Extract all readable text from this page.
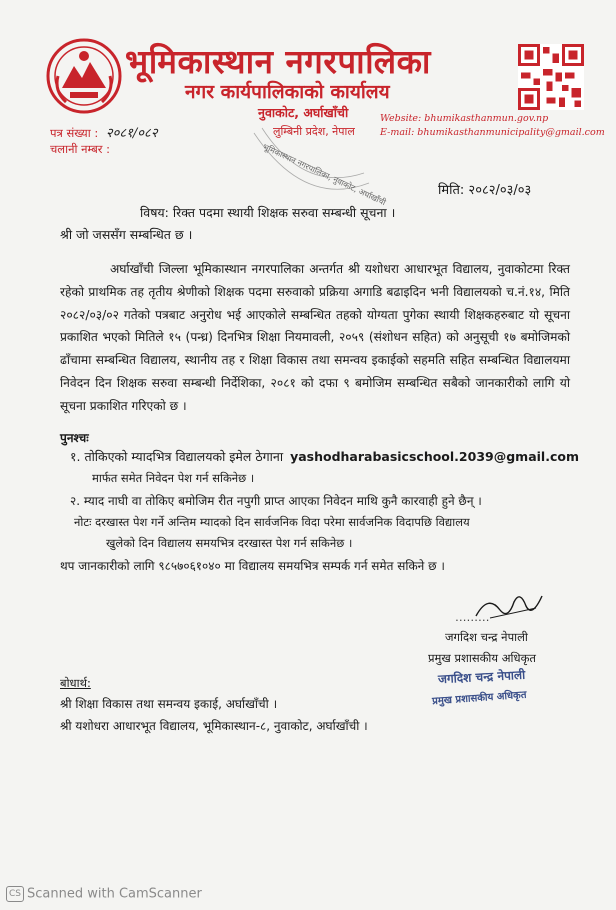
भूमिकास्थान नगरपालिका
नगर कार्यपालिकाको कार्यालय
नुवाकोट, अर्घाखाँची
लुम्बिनी प्रदेश, नेपाल
Website: bhumikasthanmun.gov.np
E-mail: bhumikasthanmunicipality@gmail.com
भूमिकास्थान नगरपालिका, नुवाकोट, अर्घाखाँची
पत्र संख्या : २०८१/०८२
चलानी नम्बर :
मिति: २०८२/०३/०३
विषय: रिक्त पदमा स्थायी शिक्षक सरुवा सम्बन्धी सूचना ।
श्री जो जससँग सम्बन्धित छ ।
अर्घाखाँची जिल्ला भूमिकास्थान नगरपालिका अन्तर्गत श्री यशोधरा आधारभूत विद्यालय, नुवाकोटमा रिक्त रहेको प्राथमिक तह तृतीय श्रेणीको शिक्षक पदमा सरुवाको प्रक्रिया अगाडि बढाइदिन भनी विद्यालयको च.नं.१४, मिति २०८२/०३/०२ गतेको पत्रबाट अनुरोध भई आएकोले सम्बन्धित तहको योग्यता पुगेका स्थायी शिक्षकहरुबाट यो सूचना प्रकाशित भएको मितिले १५ (पन्ध्र) दिनभित्र शिक्षा नियमावली, २०५९ (संशोधन सहित) को अनुसूची १७ बमोजिमको ढाँचामा सम्बन्धित विद्यालय, स्थानीय तह र शिक्षा विकास तथा समन्वय इकाईको सहमति सहित सम्बन्धित विद्यालयमा निवेदन दिन शिक्षक सरुवा सम्बन्धी निर्देशिका, २०८१ को दफा ९ बमोजिम सम्बन्धित सबैको जानकारीको लागि यो सूचना प्रकाशित गरिएको छ ।
पुनश्चः
१. तोकिएको म्यादभित्र विद्यालयको इमेल ठेगाना yashodharabasicschool.2039@gmail.com
मार्फत समेत निवेदन पेश गर्न सकिनेछ ।
२. म्याद नाघी वा तोकिए बमोजिम रीत नपुगी प्राप्त आएका निवेदन माथि कुनै कारवाही हुने छैन् ।
नोटः दरखास्त पेश गर्ने अन्तिम म्यादको दिन सार्वजनिक विदा परेमा सार्वजनिक विदापछि विद्यालय
खुलेको दिन विद्यालय समयभित्र दरखास्त पेश गर्न सकिनेछ ।
थप जानकारीको लागि ९८५७०६१०४० मा विद्यालय समयभित्र सम्पर्क गर्न समेत सकिने छ ।
………
जगदिश चन्द्र नेपाली
प्रमुख प्रशासकीय अधिकृत
जगदिश चन्द्र नेपाली
प्रमुख प्रशासकीय अधिकृत
बोधार्थ:
श्री शिक्षा विकास तथा समन्वय इकाई, अर्घाखाँची ।
श्री यशोधरा आधारभूत विद्यालय, भूमिकास्थान-८, नुवाकोट, अर्घाखाँची ।
CS Scanned with CamScanner
